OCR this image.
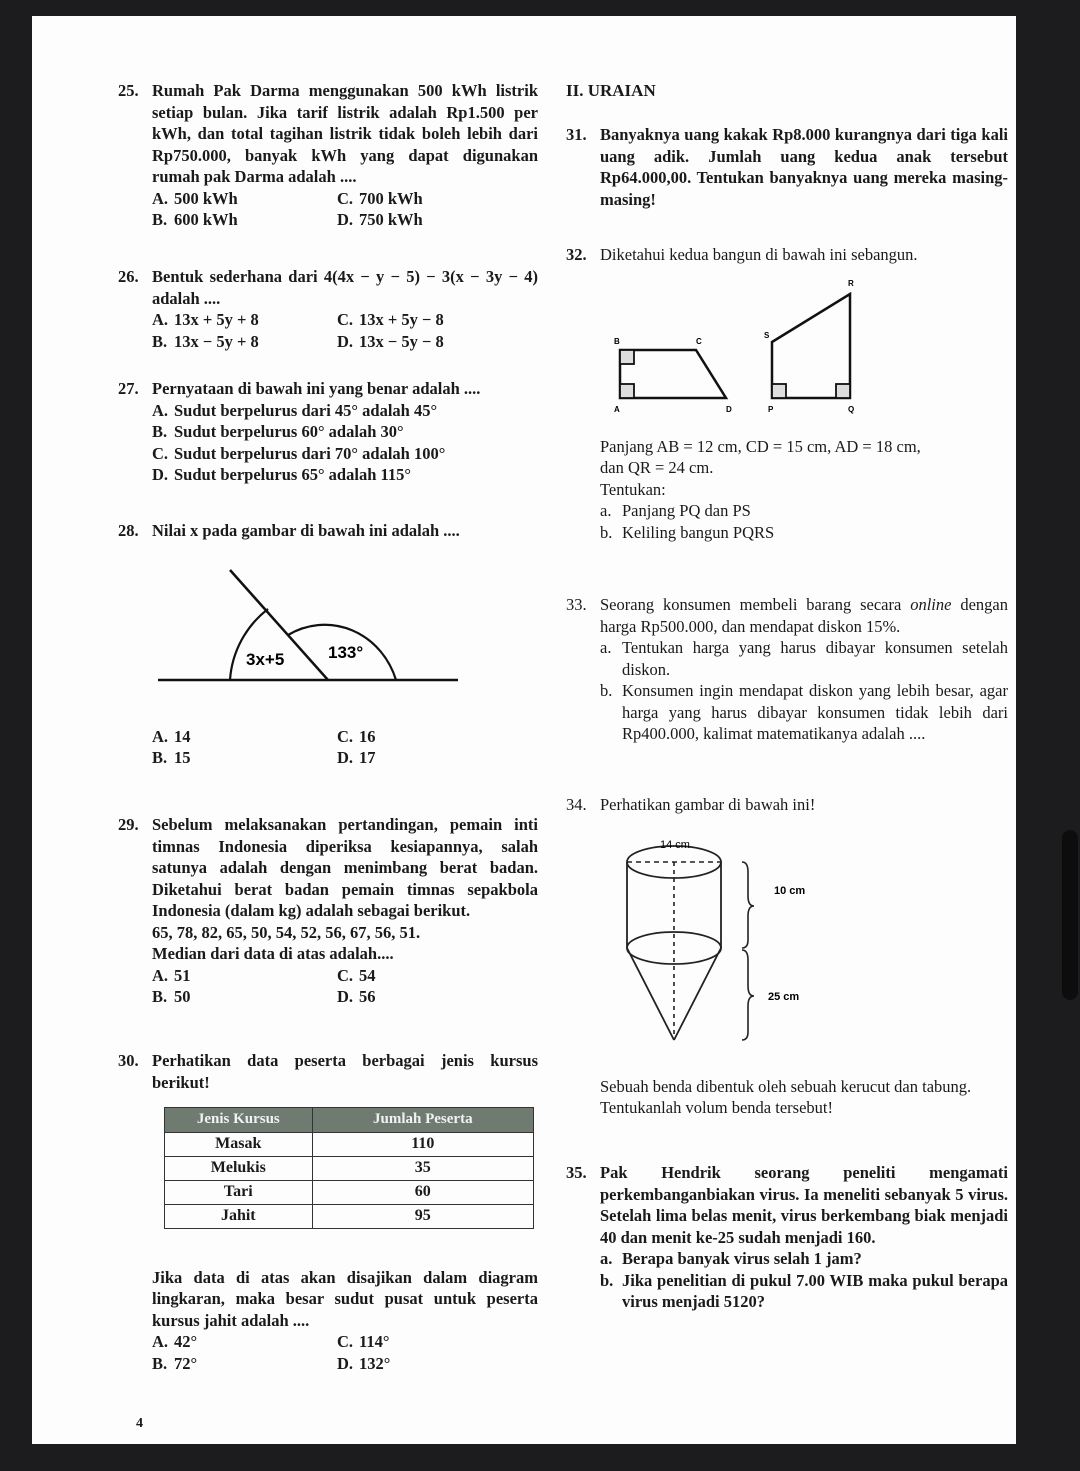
25. Rumah Pak Darma menggunakan 500 kWh listrik setiap bulan. Jika tarif listrik adalah Rp1.500 per kWh, dan total tagihan listrik tidak boleh lebih dari Rp750.000, banyak kWh yang dapat digunakan rumah pak Darma adalah ....
A. 500 kWh	C. 700 kWh
B. 600 kWh	D. 750 kWh
26. Bentuk sederhana dari 4(4x − y − 5) − 3(x − 3y − 4) adalah ....
A. 13x + 5y + 8	C. 13x + 5y − 8
B. 13x − 5y + 8	D. 13x − 5y − 8
27. Pernyataan di bawah ini yang benar adalah ....
A. Sudut berpelurus dari 45° adalah 45°
B. Sudut berpelurus 60° adalah 30°
C. Sudut berpelurus dari 70° adalah 100°
D. Sudut berpelurus 65° adalah 115°
28. Nilai x pada gambar di bawah ini adalah ....
3x+5	133°
A. 14	C. 16
B. 15	D. 17
29. Sebelum melaksanakan pertandingan, pemain inti timnas Indonesia diperiksa kesiapannya, salah satunya adalah dengan menimbang berat badan. Diketahui berat badan pemain timnas sepakbola Indonesia (dalam kg) adalah sebagai berikut.
65, 78, 82, 65, 50, 54, 52, 56, 67, 56, 51.
Median dari data di atas adalah....
A. 51	C. 54
B. 50	D. 56
30. Perhatikan data peserta berbagai jenis kursus berikut!
Jenis Kursus	Jumlah Peserta
Masak	110
Melukis	35
Tari	60
Jahit	95
Jika data di atas akan disajikan dalam diagram lingkaran, maka besar sudut pusat untuk peserta kursus jahit adalah ....
A. 42°	C. 114°
B. 72°	D. 132°
II. URAIAN
31. Banyaknya uang kakak Rp8.000 kurangnya dari tiga kali uang adik. Jumlah uang kedua anak tersebut Rp64.000,00. Tentukan banyaknya uang mereka masing-masing!
32. Diketahui kedua bangun di bawah ini sebangun.
A
B	C
D	P	Q
R
S
Panjang AB = 12 cm, CD = 15 cm, AD = 18 cm,
dan QR = 24 cm.
Tentukan:
a. Panjang PQ dan PS
b. Keliling bangun PQRS
33. Seorang konsumen membeli barang secara online dengan harga Rp500.000, dan mendapat diskon 15%.
a. Tentukan harga yang harus dibayar konsumen setelah diskon.
b. Konsumen ingin mendapat diskon yang lebih besar, agar harga yang harus dibayar konsumen tidak lebih dari Rp400.000, kalimat matematikanya adalah ....
34. Perhatikan gambar di bawah ini!
14 cm
10 cm
25 cm
Sebuah benda dibentuk oleh sebuah kerucut dan tabung.
Tentukanlah volum benda tersebut!
35. Pak Hendrik seorang peneliti mengamati perkembanganbiakan virus. Ia meneliti sebanyak 5 virus. Setelah lima belas menit, virus berkembang biak menjadi 40 dan menit ke-25 sudah menjadi 160.
a. Berapa banyak virus selah 1 jam?
b. Jika penelitian di pukul 7.00 WIB maka pukul berapa virus menjadi 5120?
4
